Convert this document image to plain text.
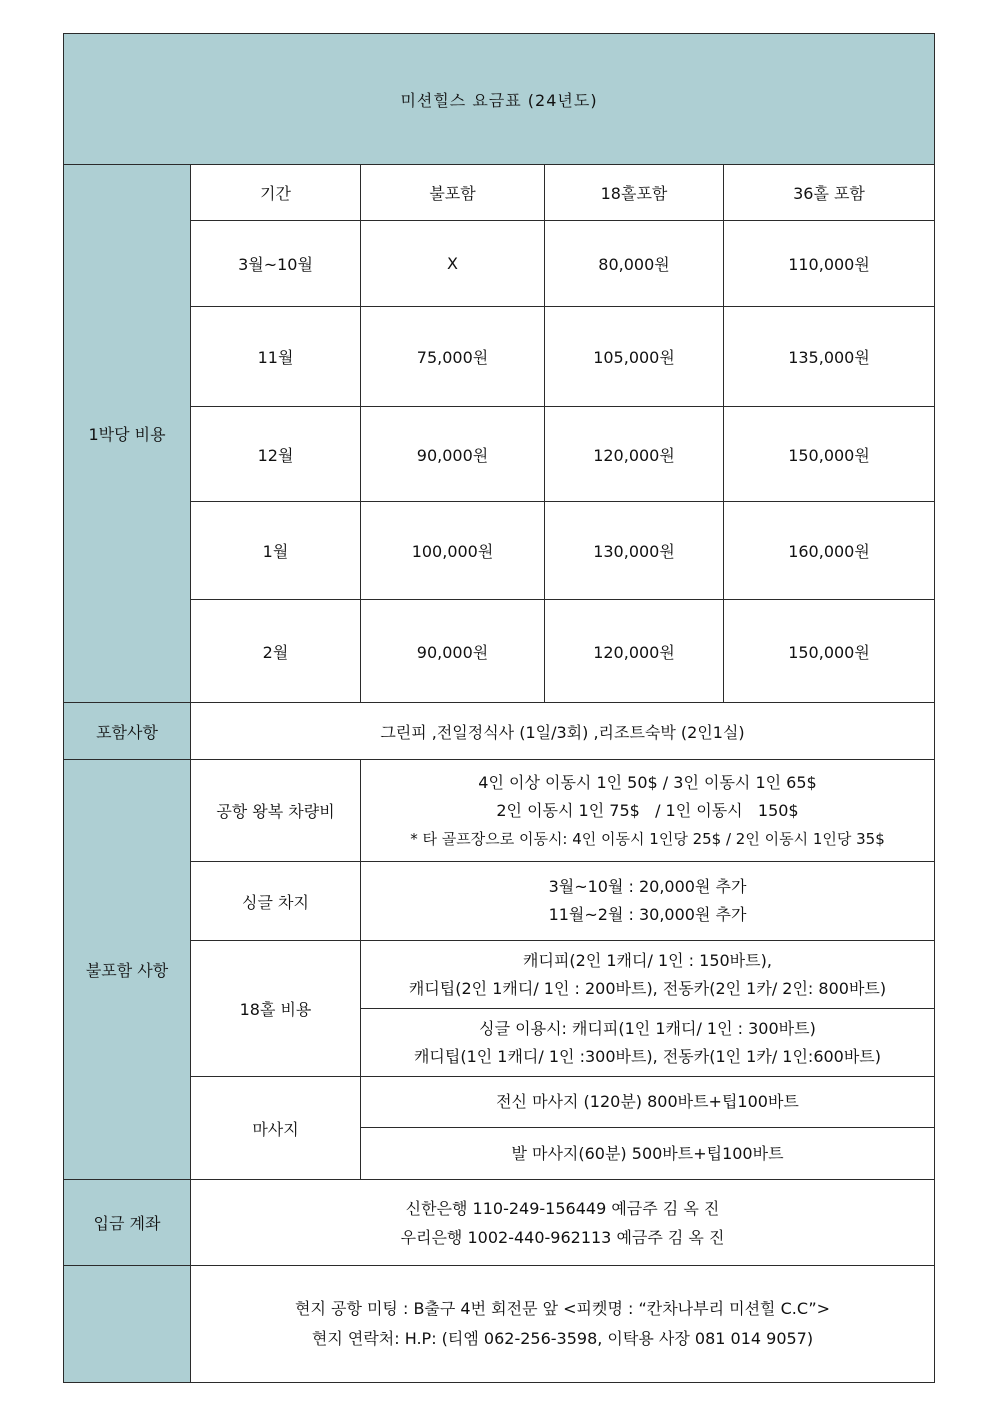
미션힐스 요금표 (24년도)				
1박당 비용	기간	불포함	18홀포함	36홀 포함
	3월~10월	X	80,000원	110,000원
	11월	75,000원	105,000원	135,000원
	12월	90,000원	120,000원	150,000원
	1월	100,000원	130,000원	160,000원
	2월	90,000원	120,000원	150,000원
포함사항	그린피 ,전일정식사 (1일/3회) ,리조트숙박 (2인1실)			
불포함 사항	공항 왕복 차량비	4인 이상 이동시 1인 50$ / 3인 이동시 1인 65$
2인 이동시 1인 75$   / 1인 이동시   150$
* 타 골프장으로 이동시: 4인 이동시 1인당 25$ / 2인 이동시 1인당 35$		

	싱글 차지	3월~10월 : 20,000원 추가
11월~2월 : 30,000원 추가		

	18홀 비용	캐디피(2인 1캐디/ 1인 : 150바트),
캐디팁(2인 1캐디/ 1인 : 200바트), 전동카(2인 1카/ 2인: 800바트)		

		싱글 이용시: 캐디피(1인 1캐디/ 1인 : 300바트)
캐디팁(1인 1캐디/ 1인 :300바트), 전동카(1인 1카/ 1인:600바트)		

	마사지	전신 마사지 (120분) 800바트+팁100바트		
		발 마사지(60분) 500바트+팁100바트		
입금 계좌	신한은행 110-249-156449 예금주 김 옥 진
우리은행 1002-440-962113 예금주 김 옥 진			

	현지 공항 미팅 : B출구 4번 회전문 앞 <피켓명 : “칸차나부리 미션힐 C.C”>
현지 연락처: H.P: (티엠 062-256-3598, 이탁용 사장 081 014 9057)			
